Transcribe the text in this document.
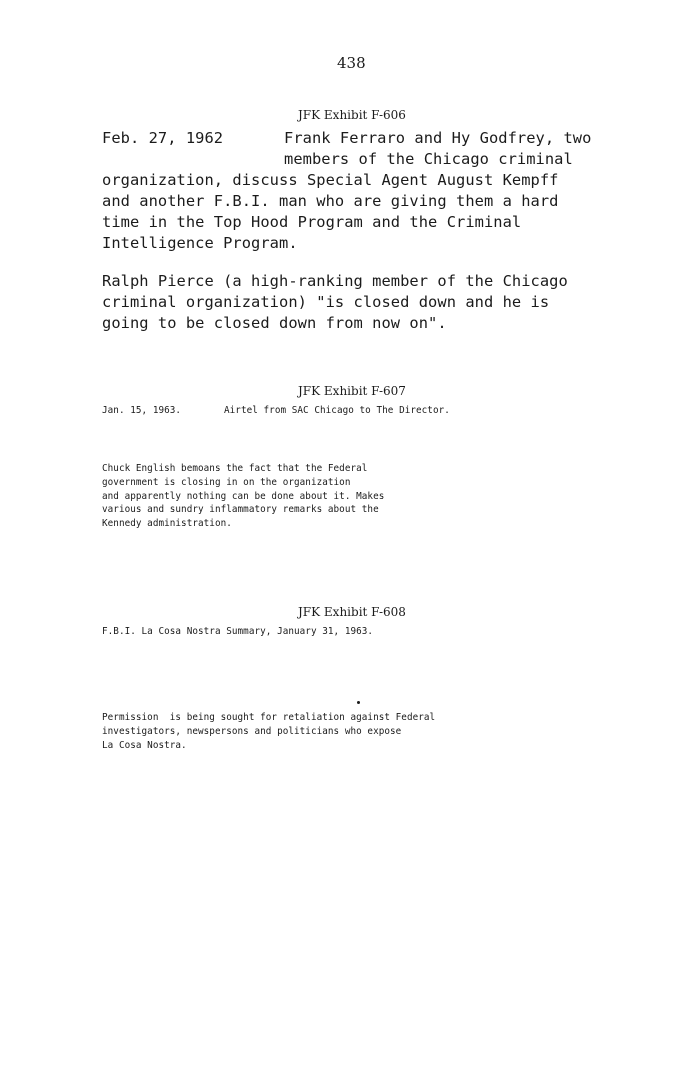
438
JFK Exhibit F-606
Feb. 27, 1962	Frank Ferraro and Hy Godfrey, two
members of the Chicago criminal
organization, discuss Special Agent August Kempff
and another F.B.I. man who are giving them a hard
time in the Top Hood Program and the Criminal
Intelligence Program.
Ralph Pierce (a high-ranking member of the Chicago
criminal organization) "is closed down and he is
going to be closed down from now on".
JFK Exhibit F-607
Jan. 15, 1963.	Airtel from SAC Chicago to The Director.
Chuck English bemoans the fact that the Federal
government is closing in on the organization
and apparently nothing can be done about it. Makes
various and sundry inflammatory remarks about the
Kennedy administration.
JFK Exhibit F-608
F.B.I. La Cosa Nostra Summary, January 31, 1963.
Permission  is being sought for retaliation against Federal
investigators, newspersons and politicians who expose
La Cosa Nostra.
